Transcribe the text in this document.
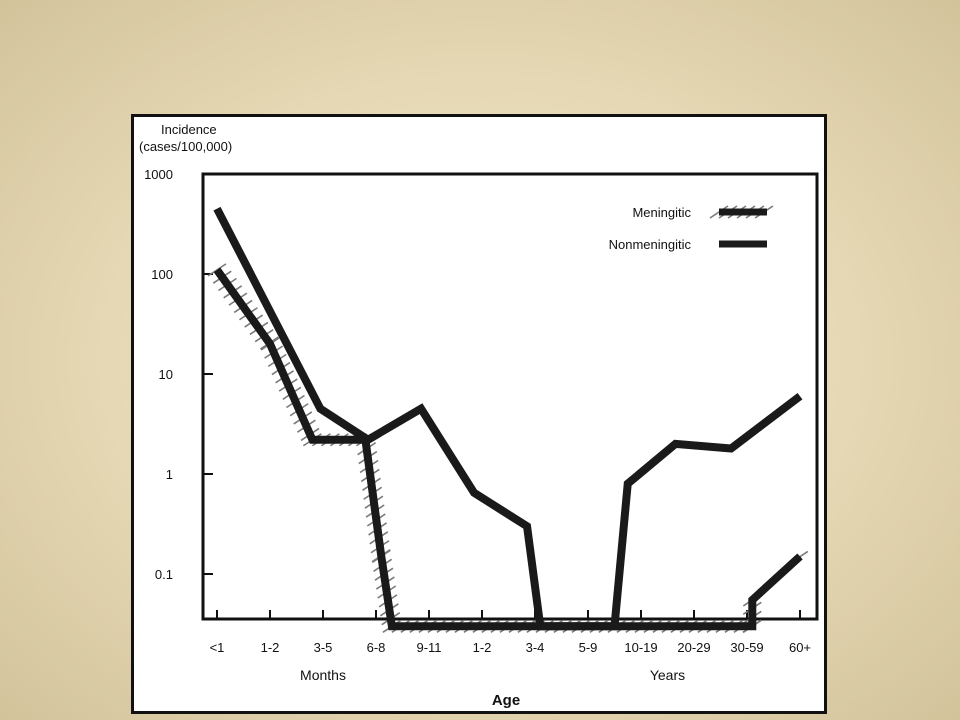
Incidence
(cases/100,000)
1000
100
10
1
0.1
<1	1-2	3-5	6-8 9-11 1-2	3-4	5-9 10-19 20-29 30-59 60+
Months	Years
Meningitic
Nonmeningitic
Age
